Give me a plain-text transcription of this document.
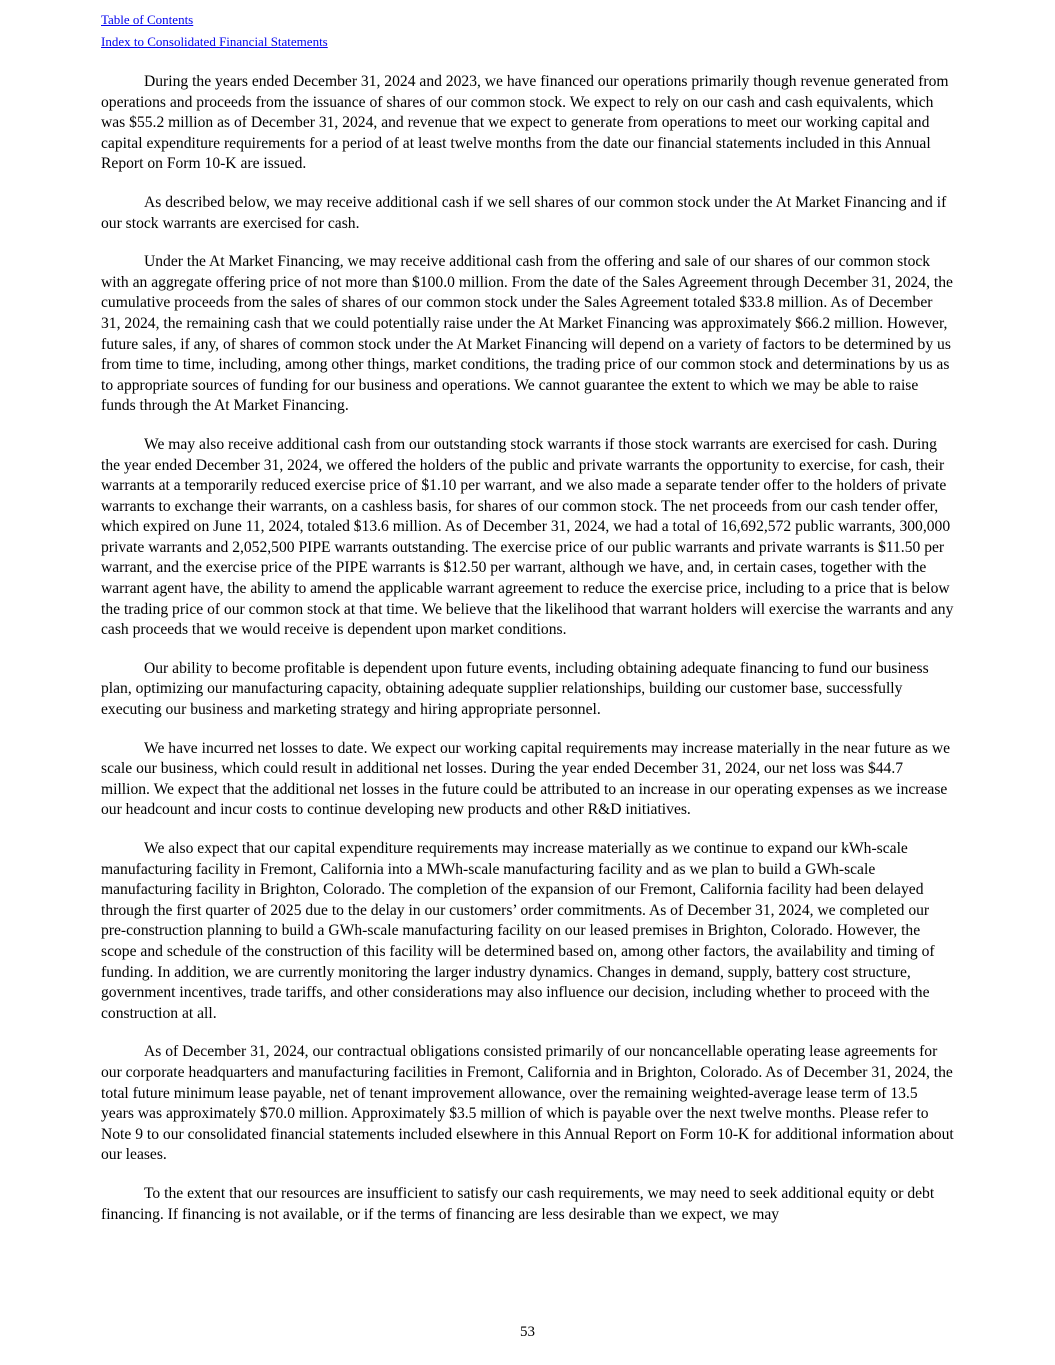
Table of Contents
Index to Consolidated Financial Statements

During the years ended December 31, 2024 and 2023, we have financed our operations primarily though revenue generated from operations and proceeds from the issuance of shares of our common stock. We expect to rely on our cash and cash equivalents, which was $55.2 million as of December 31, 2024, and revenue that we expect to generate from operations to meet our working capital and capital expenditure requirements for a period of at least twelve months from the date our financial statements included in this Annual Report on Form 10-K are issued.

As described below, we may receive additional cash if we sell shares of our common stock under the At Market Financing and if our stock warrants are exercised for cash.

Under the At Market Financing, we may receive additional cash from the offering and sale of our shares of our common stock with an aggregate offering price of not more than $100.0 million. From the date of the Sales Agreement through December 31, 2024, the cumulative proceeds from the sales of shares of our common stock under the Sales Agreement totaled $33.8 million. As of December 31, 2024, the remaining cash that we could potentially raise under the At Market Financing was approximately $66.2 million. However, future sales, if any, of shares of common stock under the At Market Financing will depend on a variety of factors to be determined by us from time to time, including, among other things, market conditions, the trading price of our common stock and determinations by us as to appropriate sources of funding for our business and operations. We cannot guarantee the extent to which we may be able to raise funds through the At Market Financing.

We may also receive additional cash from our outstanding stock warrants if those stock warrants are exercised for cash. During the year ended December 31, 2024, we offered the holders of the public and private warrants the opportunity to exercise, for cash, their warrants at a temporarily reduced exercise price of $1.10 per warrant, and we also made a separate tender offer to the holders of private warrants to exchange their warrants, on a cashless basis, for shares of our common stock. The net proceeds from our cash tender offer, which expired on June 11, 2024, totaled $13.6 million. As of December 31, 2024, we had a total of 16,692,572 public warrants, 300,000 private warrants and 2,052,500 PIPE warrants outstanding. The exercise price of our public warrants and private warrants is $11.50 per warrant, and the exercise price of the PIPE warrants is $12.50 per warrant, although we have, and, in certain cases, together with the warrant agent have, the ability to amend the applicable warrant agreement to reduce the exercise price, including to a price that is below the trading price of our common stock at that time. We believe that the likelihood that warrant holders will exercise the warrants and any cash proceeds that we would receive is dependent upon market conditions.

Our ability to become profitable is dependent upon future events, including obtaining adequate financing to fund our business plan, optimizing our manufacturing capacity, obtaining adequate supplier relationships, building our customer base, successfully executing our business and marketing strategy and hiring appropriate personnel.

We have incurred net losses to date. We expect our working capital requirements may increase materially in the near future as we scale our business, which could result in additional net losses. During the year ended December 31, 2024, our net loss was $44.7 million. We expect that the additional net losses in the future could be attributed to an increase in our operating expenses as we increase our headcount and incur costs to continue developing new products and other R&D initiatives.

We also expect that our capital expenditure requirements may increase materially as we continue to expand our kWh-scale manufacturing facility in Fremont, California into a MWh-scale manufacturing facility and as we plan to build a GWh-scale manufacturing facility in Brighton, Colorado. The completion of the expansion of our Fremont, California facility had been delayed through the first quarter of 2025 due to the delay in our customers’ order commitments. As of December 31, 2024, we completed our pre-construction planning to build a GWh-scale manufacturing facility on our leased premises in Brighton, Colorado. However, the scope and schedule of the construction of this facility will be determined based on, among other factors, the availability and timing of funding. In addition, we are currently monitoring the larger industry dynamics. Changes in demand, supply, battery cost structure, government incentives, trade tariffs, and other considerations may also influence our decision, including whether to proceed with the construction at all.

As of December 31, 2024, our contractual obligations consisted primarily of our noncancellable operating lease agreements for our corporate headquarters and manufacturing facilities in Fremont, California and in Brighton, Colorado. As of December 31, 2024, the total future minimum lease payable, net of tenant improvement allowance, over the remaining weighted-average lease term of 13.5 years was approximately $70.0 million. Approximately $3.5 million of which is payable over the next twelve months. Please refer to Note 9 to our consolidated financial statements included elsewhere in this Annual Report on Form 10-K for additional information about our leases.

To the extent that our resources are insufficient to satisfy our cash requirements, we may need to seek additional equity or debt financing. If financing is not available, or if the terms of financing are less desirable than we expect, we may

53
